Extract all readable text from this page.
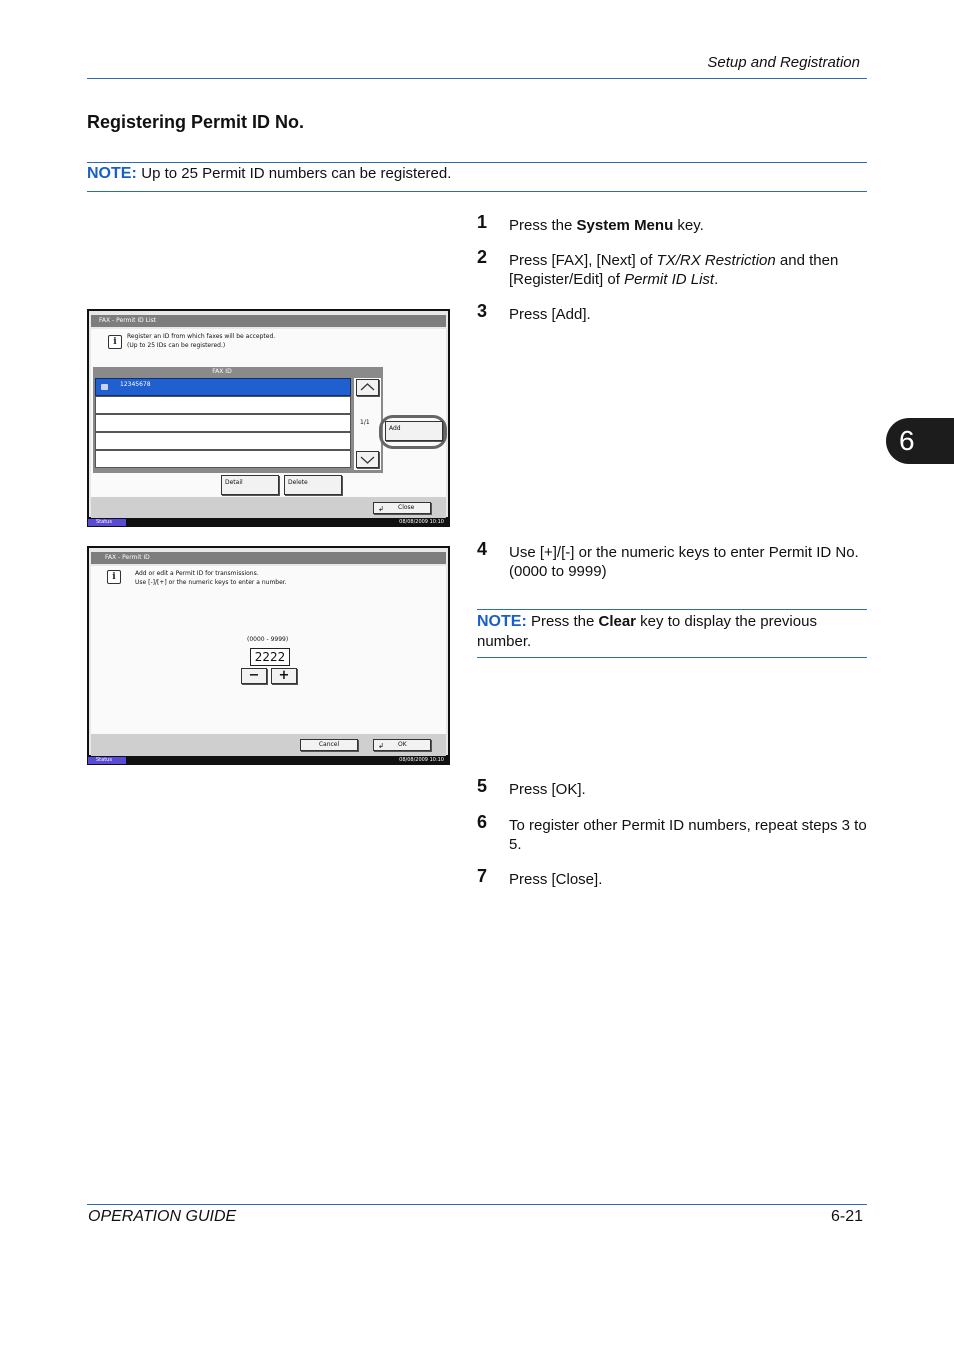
Setup and Registration
6
Registering Permit ID No.
NOTE: Up to 25 Permit ID numbers can be registered.
1 Press the System Menu key.
2 Press [FAX], [Next] of TX/RX Restriction and then [Register/Edit] of Permit ID List.
3 Press [Add].
4 Use [+]/[-] or the numeric keys to enter Permit ID No. (0000 to 9999)
NOTE: Press the Clear key to display the previous number.
5 Press [OK].
6 To register other Permit ID numbers, repeat steps 3 to 5.
7 Press [Close].
FAX - Permit ID List
i
Register an ID from which faxes will be accepted.
(Up to 25 IDs can be registered.)
FAX ID
12345678
1/1
Add
Detail	Delete
↲ Close
Status	08/08/2009 10:10
FAX - Permit ID
i	Add or edit a Permit ID for transmissions.
Use [-]/[+] or the numeric keys to enter a number.
(0000 - 9999)
2222
−	+
Cancel	↲ OK
Status	08/08/2009 10:10
OPERATION GUIDE	6-21
